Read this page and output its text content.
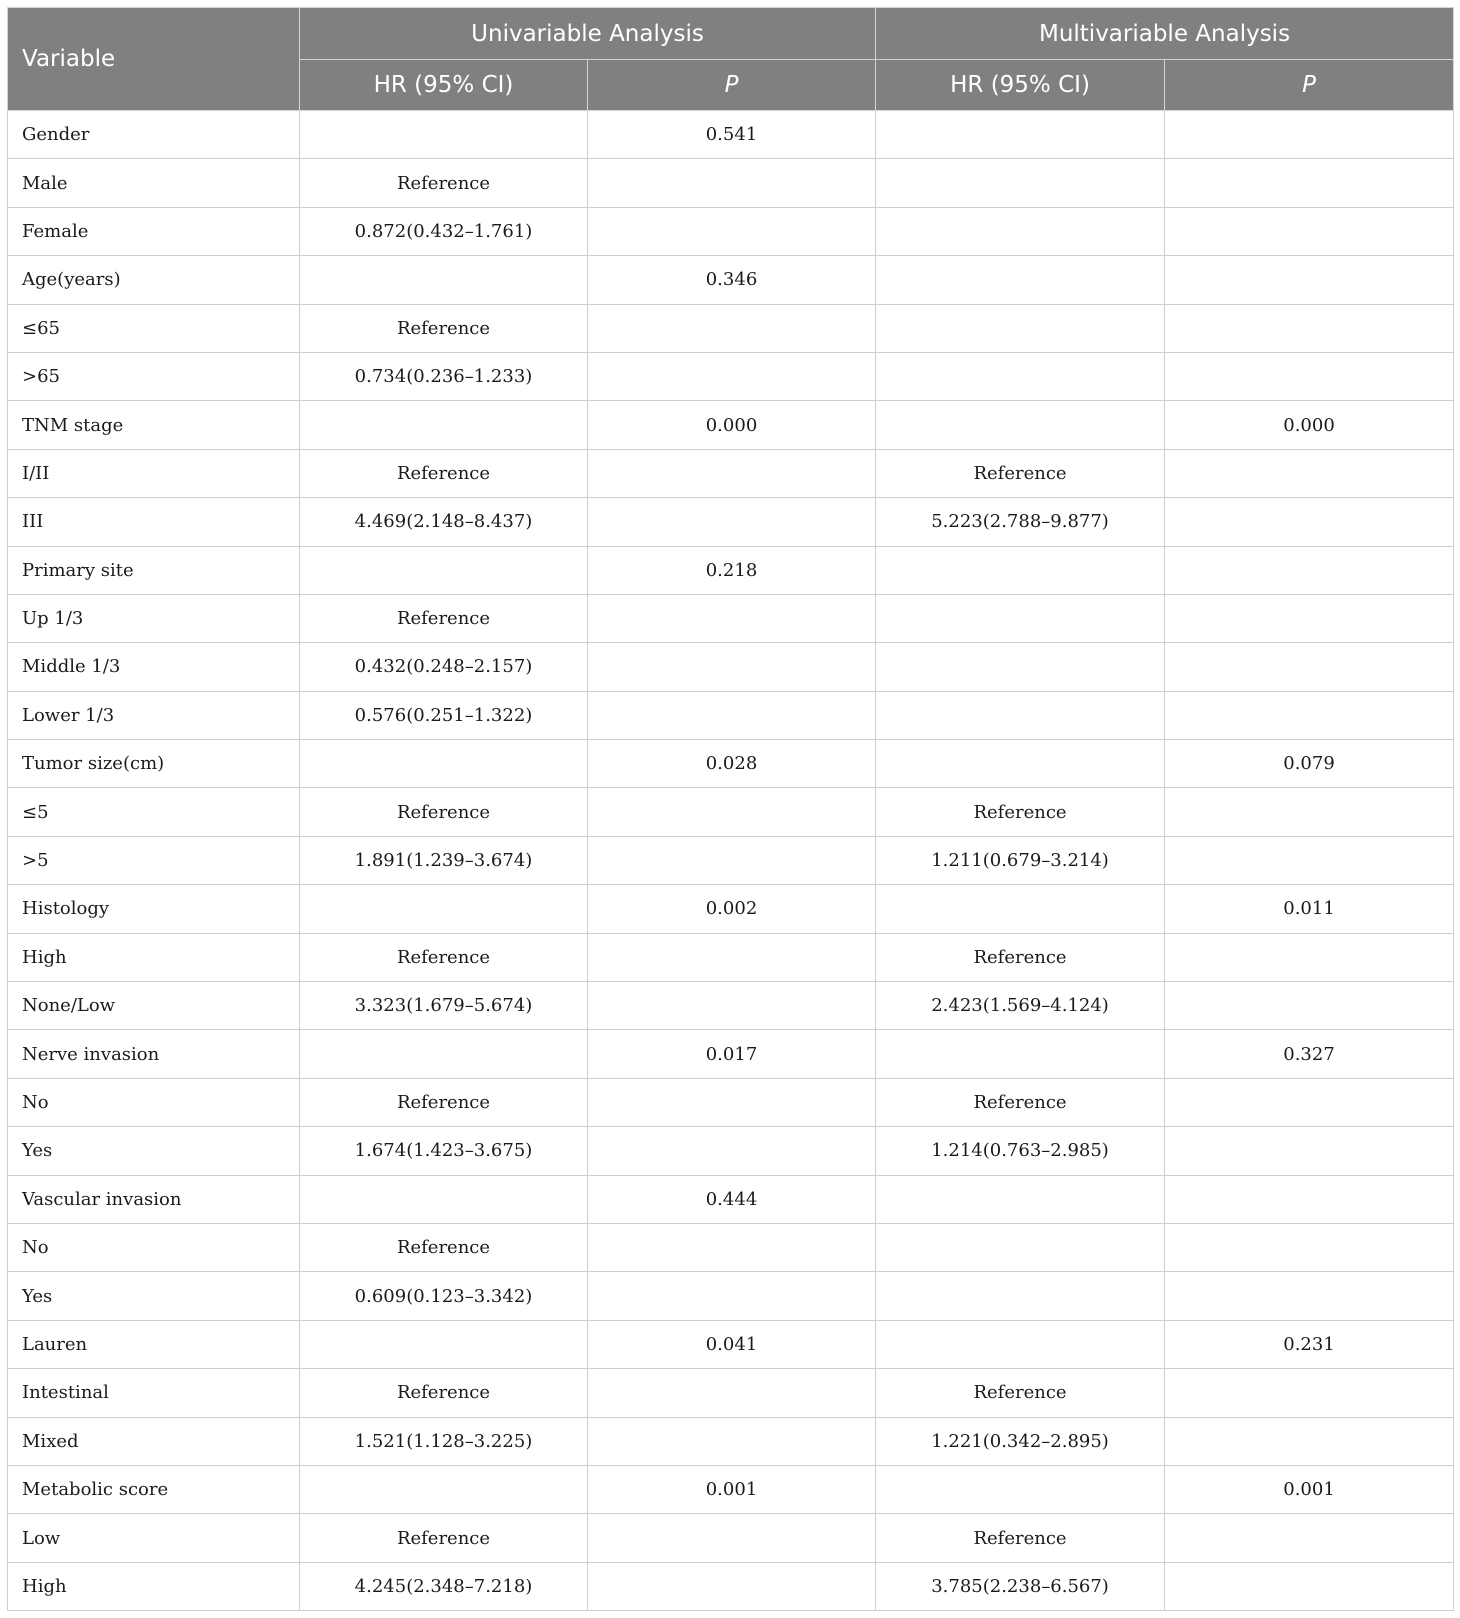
Variable	Univariable Analysis		Multivariable Analysis	
	HR (95% CI)	P	HR (95% CI)	P
Gender		0.541		
Male	Reference			
Female	0.872(0.432–1.761)			
Age(years)		0.346		
≤65	Reference			
>65	0.734(0.236–1.233)			
TNM stage		0.000		0.000
I/II	Reference		Reference	
III	4.469(2.148–8.437)		5.223(2.788–9.877)	
Primary site		0.218		
Up 1/3	Reference			
Middle 1/3	0.432(0.248–2.157)			
Lower 1/3	0.576(0.251–1.322)			
Tumor size(cm)		0.028		0.079
≤5	Reference		Reference	
>5	1.891(1.239–3.674)		1.211(0.679–3.214)	
Histology		0.002		0.011
High	Reference		Reference	
None/Low	3.323(1.679–5.674)		2.423(1.569–4.124)	
Nerve invasion		0.017		0.327
No	Reference		Reference	
Yes	1.674(1.423–3.675)		1.214(0.763–2.985)	
Vascular invasion		0.444		
No	Reference			
Yes	0.609(0.123–3.342)			
Lauren		0.041		0.231
Intestinal	Reference		Reference	
Mixed	1.521(1.128–3.225)		1.221(0.342–2.895)	
Metabolic score		0.001		0.001
Low	Reference		Reference	
High	4.245(2.348–7.218)		3.785(2.238–6.567)	
